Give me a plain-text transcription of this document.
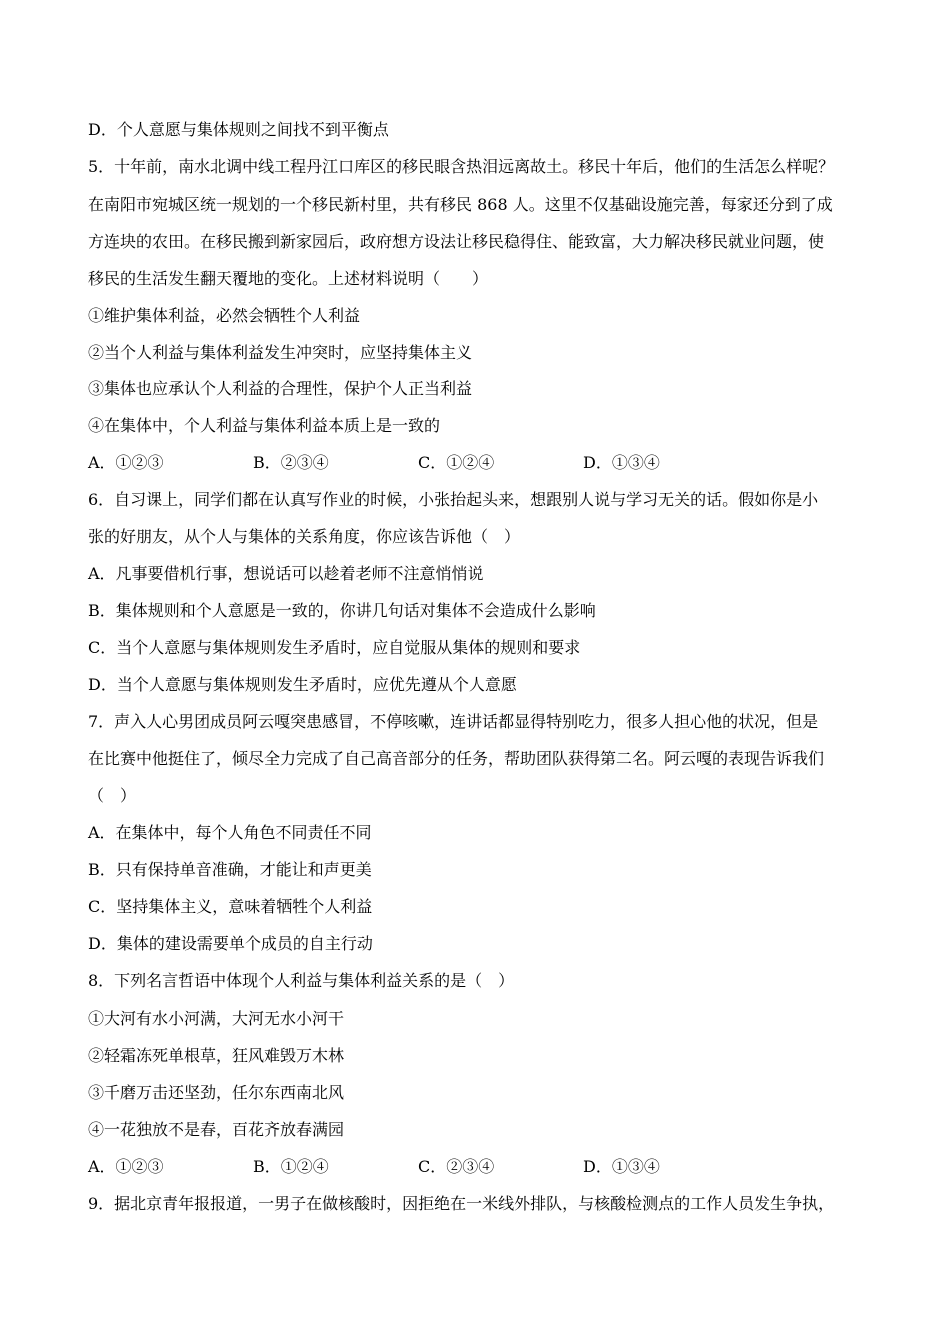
D．个人意愿与集体规则之间找不到平衡点
5．十年前，南水北调中线工程丹江口库区的移民眼含热泪远离故土。移民十年后，他们的生活怎么样呢？
在南阳市宛城区统一规划的一个移民新村里，共有移民 868 人。这里不仅基础设施完善，每家还分到了成
方连块的农田。在移民搬到新家园后，政府想方设法让移民稳得住、能致富，大力解决移民就业问题，使
移民的生活发生翻天覆地的变化。上述材料说明（　　）
①维护集体利益，必然会牺牲个人利益
②当个人利益与集体利益发生冲突时，应坚持集体主义
③集体也应承认个人利益的合理性，保护个人正当利益
④在集体中，个人利益与集体利益本质上是一致的
A．①②③	B．②③④	C．①②④	D．①③④
6．自习课上，同学们都在认真写作业的时候，小张抬起头来，想跟别人说与学习无关的话。假如你是小
张的好朋友，从个人与集体的关系角度，你应该告诉他（　）
A．凡事要借机行事，想说话可以趁着老师不注意悄悄说
B．集体规则和个人意愿是一致的，你讲几句话对集体不会造成什么影响
C．当个人意愿与集体规则发生矛盾时，应自觉服从集体的规则和要求
D．当个人意愿与集体规则发生矛盾时，应优先遵从个人意愿
7．声入人心男团成员阿云嘎突患感冒，不停咳嗽，连讲话都显得特别吃力，很多人担心他的状况，但是
在比赛中他挺住了，倾尽全力完成了自己高音部分的任务，帮助团队获得第二名。阿云嘎的表现告诉我们
（　）
A．在集体中，每个人角色不同责任不同
B．只有保持单音准确，才能让和声更美
C．坚持集体主义，意味着牺牲个人利益
D．集体的建设需要单个成员的自主行动
8．下列名言哲语中体现个人利益与集体利益关系的是（　）
①大河有水小河满，大河无水小河干
②轻霜冻死单根草，狂风难毁万木林
③千磨万击还坚劲，任尔东西南北风
④一花独放不是春，百花齐放春满园
A．①②③	B．①②④	C．②③④	D．①③④
9．据北京青年报报道，一男子在做核酸时，因拒绝在一米线外排队，与核酸检测点的工作人员发生争执，
